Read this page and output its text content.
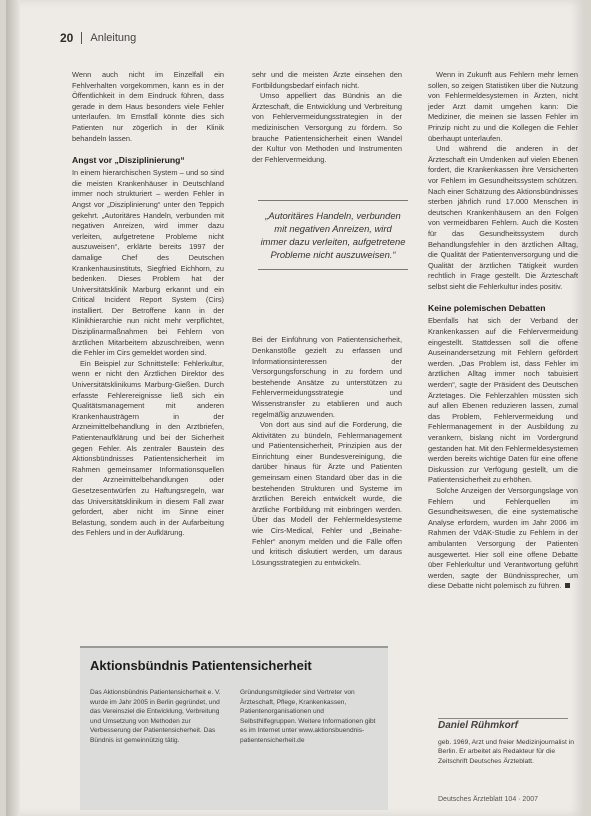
20 Anleitung

Wenn auch nicht im Einzelfall ein Fehlverhalten vorgekommen, kann es in der Öffentlichkeit in dem Eindruck führen, dass gerade in dem Haus besonders viele Fehler unterlaufen. Im Ernstfall könnte dies sich Patienten nur zögerlich in der Klinik behandeln lassen.

Angst vor „Disziplinierung“

In einem hierarchischen System – und so sind die meisten Krankenhäuser in Deutschland immer noch strukturiert – werden Fehler in Angst vor „Disziplinierung“ unter den Teppich gekehrt. „Autoritäres Handeln, verbunden mit negativen Anreizen, wird immer dazu verleiten, aufgetretene Probleme nicht auszuweisen“, erklärte bereits 1997 der damalige Chef des Deutschen Krankenhausinstituts, Siegfried Eichhorn, zu bedenken. Dieses Problem hat der Universitätsklinik Marburg erkannt und ein Critical Incident Report System (Cirs) installiert. Der Betroffene kann in der Klinikhierarchie nun nicht mehr verpflichtet, Disziplinarmaßnahmen bei Fehlern von ärztlichen Mitarbeitern abzuschreiben, wenn die Fehler im Cirs gemeldet worden sind.

Ein Beispiel zur Schnittstelle: Fehlerkultur, wenn er nicht den Ärztlichen Direktor des Universitätsklinikums Marburg-Gießen. Durch erfasste Fehlerereignisse ließ sich ein Qualitätsmanagement mit anderen Krankenhausträgern in der Arzneimittelbehandlung in den Arztbriefen, Patientenaufklärung und bei der Sicherheit gegen Fehler. Als zentraler Baustein des Aktionsbündnisses Patientensicherheit im Rahmen gemeinsamer Informationsquellen der Arzneimittelbehandlungen oder Gesetzesentwürfen zu Haftungsregeln, war das Universitätsklinikum in diesem Fall zwar gefordert, aber nicht im Sinne einer Belastung, sondern auch in der Aufarbeitung des Fehlers und in der Aufklärung.

sehr und die meisten Ärzte einsehen den Fortbildungsbedarf einfach nicht.

Umso appelliert das Bündnis an die Ärzteschaft, die Entwicklung und Verbreitung von Fehlervermeidungsstrategien in der medizinischen Versorgung zu fördern. So brauche Patientensicherheit einen Wandel der Kultur von Methoden und Instrumenten der Fehlervermeidung.

Bei der Einführung von Patientensicherheit, Denkanstöße gezielt zu erfassen und Informationsinteressen der Versorgungsforschung in zu fordern und bestehende Ansätze zu unterstützen zu Fehlervermeidungsstrategie und Wissenstransfer zu etablieren und auch regelmäßig anzuwenden.

Von dort aus sind auf die Forderung, die Aktivitäten zu bündeln, Fehlermanagement und Patientensicherheit, Prinzipien aus der Einrichtung einer Bundesvereinigung, die darüber hinaus für Ärzte und Patienten gemeinsam einen Standard über das in die bestehenden Strukturen und Systeme im ärztlichen Bereich entwickelt wurde, die ärztliche Fortbildung mit einbringen werden. Über das Modell der Fehlermeldesysteme wie Cirs-Medical, Fehler und „Beinahe-Fehler“ anonym melden und die Fälle offen und kritisch diskutiert werden, um daraus Lösungsstrategien zu entwickeln.

„Autoritäres Handeln, verbunden mit negativen Anreizen, wird immer dazu verleiten, aufgetretene Probleme nicht auszuweisen.“

Wenn in Zukunft aus Fehlern mehr lernen sollen, so zeigen Statistiken über die Nutzung von Fehlermeldesystemen in Ärzten, nicht jeder Arzt damit umgehen kann: Die Mediziner, die meinen sie lassen Fehler im Prinzip nicht zu und die Kollegen die Fehler überhaupt unterlaufen.

Und während die anderen in der Ärzteschaft ein Umdenken auf vielen Ebenen fordert, die Krankenkassen ihre Versicherten vor Fehlern im Gesundheitssystem schützen. Nach einer Schätzung des Aktionsbündnisses sterben jährlich rund 17.000 Menschen in deutschen Krankenhäusern an den Folgen von vermeidbaren Fehlern. Auch die Kosten für das Gesundheitssystem durch Behandlungsfehler in den ärztlichen Alltag, die Qualität der Patientenversorgung und die Qualität der ärztlichen Tätigkeit wurden rechtlich in Frage gestellt. Die Ärzteschaft selbst sieht die Fehlerkultur indes positiv.

Keine polemischen Debatten

Ebenfalls hat sich der Verband der Krankenkassen auf die Fehlervermeidung eingestellt. Stattdessen soll die offene Auseinandersetzung mit Fehlern gefördert werden. „Das Problem ist, dass Fehler im ärztlichen Alltag immer noch tabuisiert werden“, sagte der Präsident des Deutschen Ärztetages. Die Fehlerzahlen müssten sich auf allen Ebenen reduzieren lassen, zumal das Problem, Fehlervermeidung und Fehlermanagement in der Ausbildung zu verankern, bislang nicht im Vordergrund gestanden hat. Mit den Fehlermeldesystemen werden bereits wichtige Daten für eine offene Diskussion zur Verfügung gestellt, um die Patientensicherheit zu erhöhen.

Solche Anzeigen der Versorgungslage von Fehlern und Fehlerquellen im Gesundheitswesen, die eine systematische Analyse erfordern, wurden im Jahr 2006 im Rahmen der VdAK-Studie zu Fehlern in der ambulanten Versorgung der Patienten ausgewertet. Hier soll eine offene Debatte über Fehlerkultur und Verantwortung geführt werden, sagte der Bündnissprecher, um diese Debatte nicht polemisch zu führen.

Aktionsbündnis Patientensicherheit
Das Aktionsbündnis Patientensicherheit e. V. wurde im Jahr 2005 in Berlin gegründet, und das Vereinsziel die Entwicklung, Verbreitung und Umsetzung von Methoden zur Verbesserung der Patientensicherheit. Das Bündnis ist gemeinnützig tätig.
Gründungsmitglieder sind Vertreter von Ärzteschaft, Pflege, Krankenkassen, Patientenorganisationen und Selbsthilfegruppen. Weitere Informationen gibt es im Internet unter www.aktionsbuendnis-patientensicherheit.de
Daniel Rühmkorf
geb. 1969, Arzt und freier Medizinjournalist in Berlin. Er arbeitet als Redakteur für die Zeitschrift Deutsches Ärzteblatt.
Deutsches Ärzteblatt 104 · 2007
